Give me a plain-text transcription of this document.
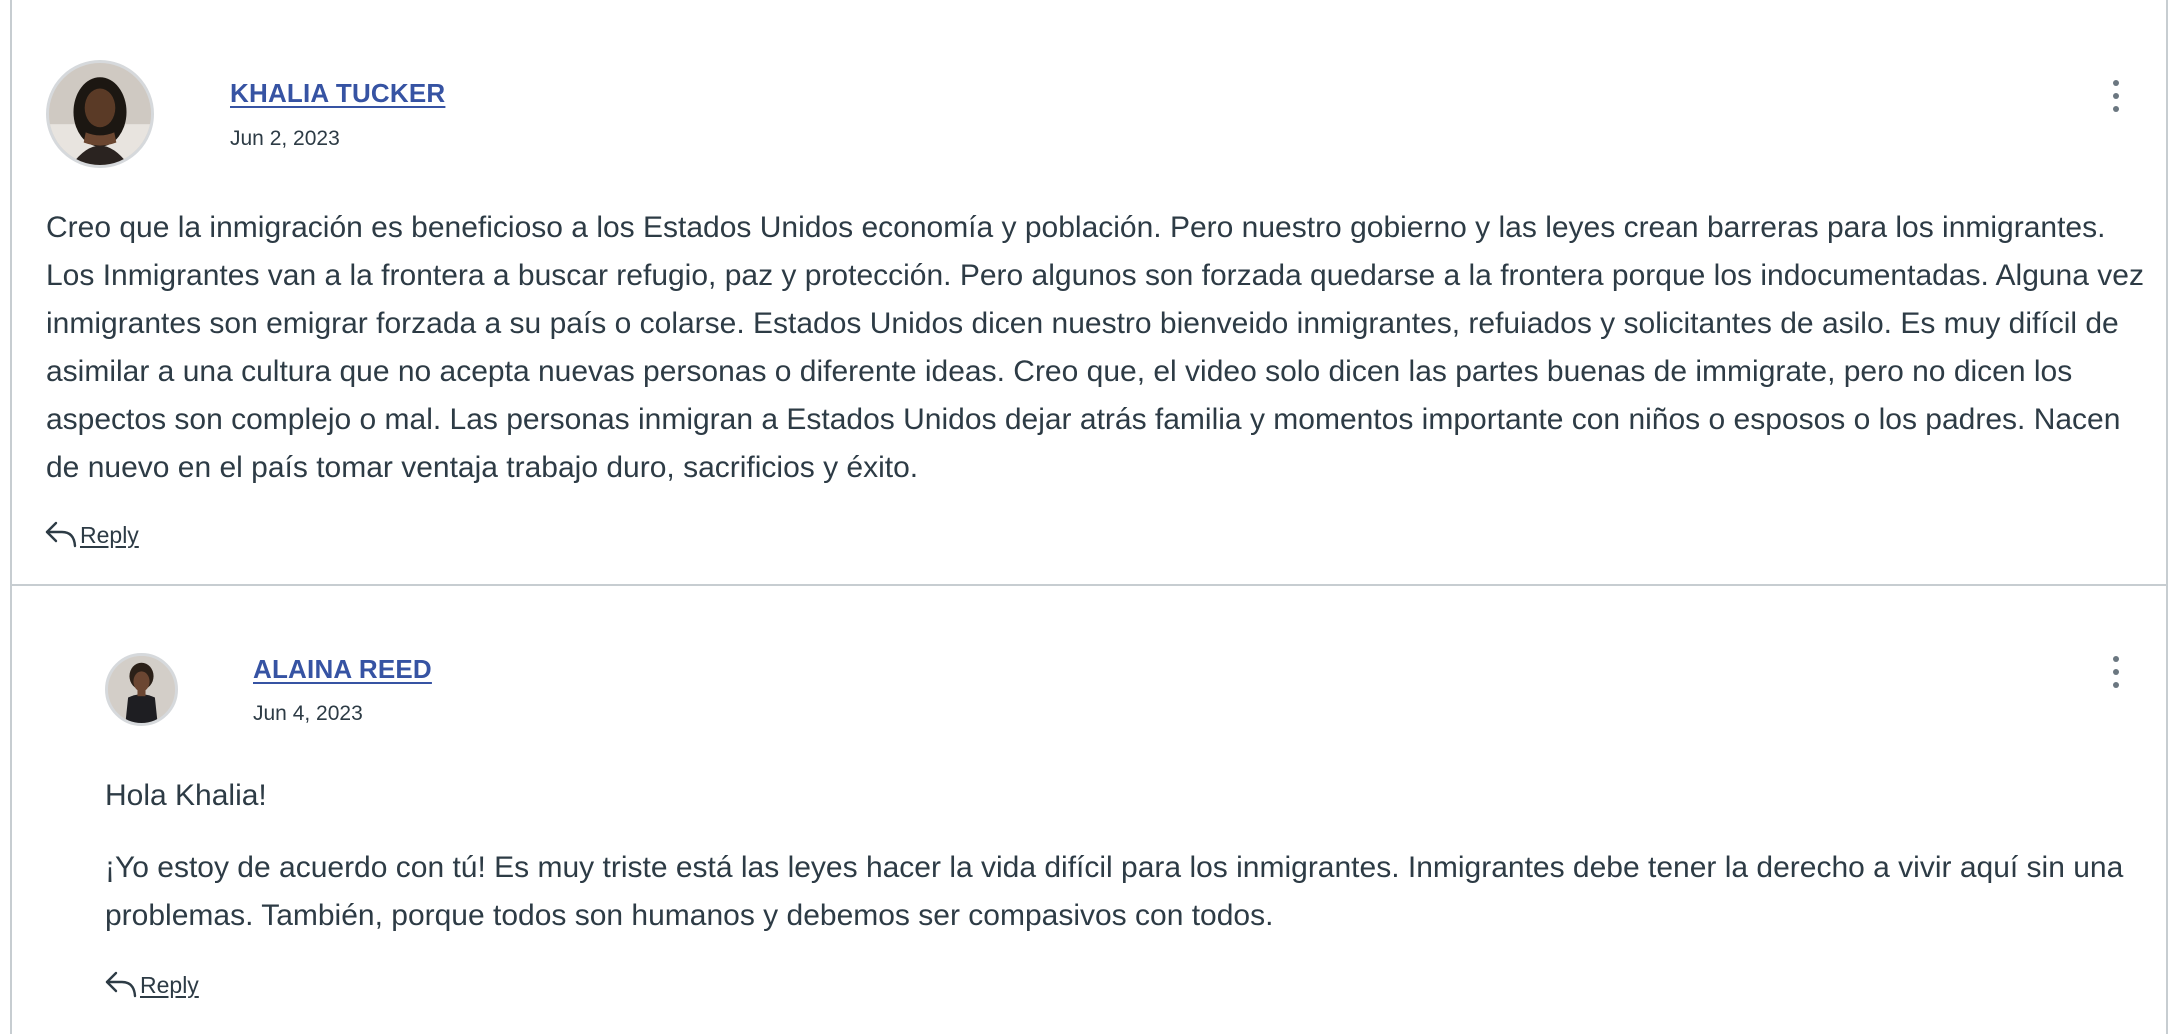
KHALIA TUCKER
Jun 2, 2023

Creo que la inmigración es beneficioso a los Estados Unidos economía y población. Pero nuestro gobierno y las leyes crean barreras para los inmigrantes. Los Inmigrantes van a la frontera a buscar refugio, paz y protección. Pero algunos son forzada quedarse a la frontera porque los indocumentadas. Alguna vez inmigrantes son emigrar forzada a su país o colarse. Estados Unidos dicen nuestro bienveido inmigrantes, refuiados y solicitantes de asilo. Es muy difícil de asimilar a una cultura que no acepta nuevas personas o diferente ideas. Creo que, el video solo dicen las partes buenas de immigrate, pero no dicen los aspectos son complejo o mal. Las personas inmigran a Estados Unidos dejar atrás familia y momentos importante con niños o esposos o los padres. Nacen de nuevo en el país tomar ventaja trabajo duro, sacrificios y éxito.

Reply
ALAINA REED
Jun 4, 2023

Hola Khalia!

¡Yo estoy de acuerdo con tú! Es muy triste está las leyes hacer la vida difícil para los inmigrantes. Inmigrantes debe tener la derecho a vivir aquí sin una problemas. También, porque todos son humanos y debemos ser compasivos con todos.

Reply
